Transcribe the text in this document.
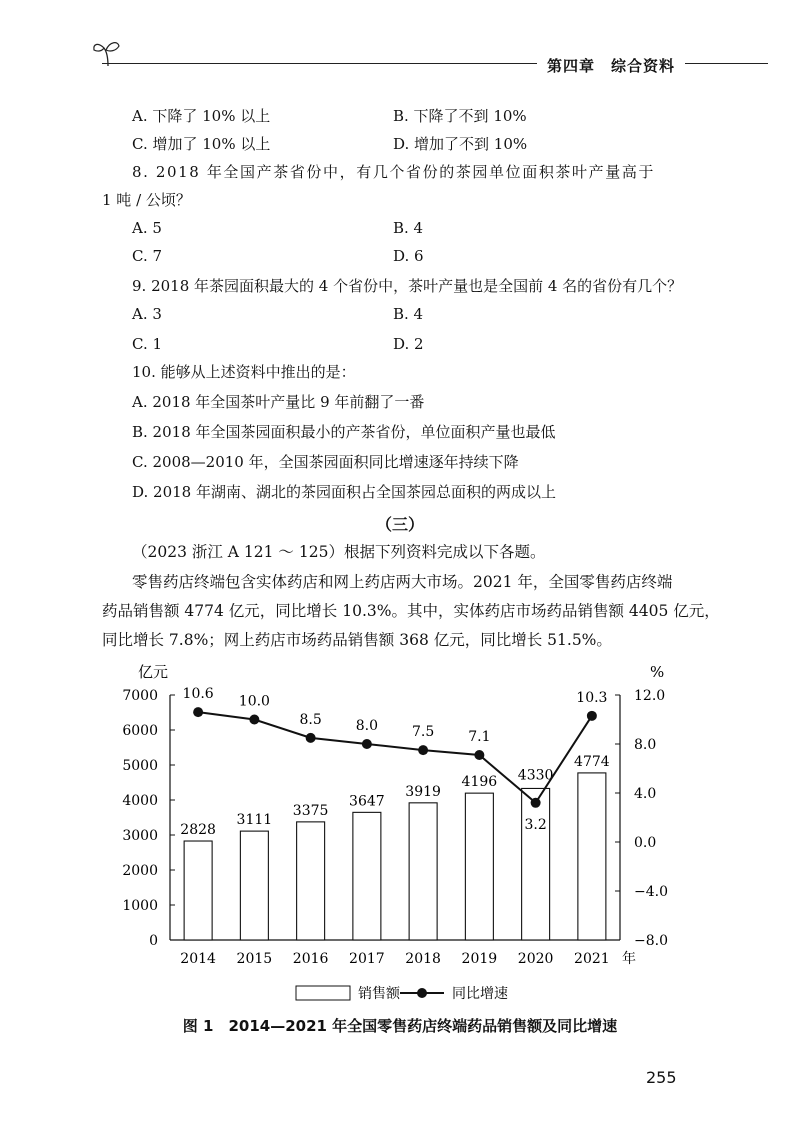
第四章　综合资料
A. 下降了 10% 以上	B. 下降了不到 10%
C. 增加了 10% 以上	D. 增加了不到 10%
8. 2018 年全国产茶省份中，有几个省份的茶园单位面积茶叶产量高于
1 吨 / 公顷？
A. 5	B. 4
C. 7	D. 6
9. 2018 年茶园面积最大的 4 个省份中，茶叶产量也是全国前 4 名的省份有几个？
A. 3	B. 4
C. 1	D. 2
10. 能够从上述资料中推出的是：
A. 2018 年全国茶叶产量比 9 年前翻了一番
B. 2018 年全国茶园面积最小的产茶省份，单位面积产量也最低
C. 2008—2010 年，全国茶园面积同比增速逐年持续下降
D. 2018 年湖南、湖北的茶园面积占全国茶园总面积的两成以上
（三）
（2023 浙江 A 121 ～ 125）根据下列资料完成以下各题。
零售药店终端包含实体药店和网上药店两大市场。2021 年，全国零售药店终端
药品销售额 4774 亿元，同比增长 10.3%。其中，实体药店市场药品销售额 4405 亿元，
同比增长 7.8%；网上药店市场药品销售额 368 亿元，同比增长 51.5%。
0
1000
2000
3000
4000
5000
6000
7000
−8.0
−4.0
0.0
4.0
8.0
12.0
亿元	%
2828
3111
3375
3647
3919
4196 4330
4774
10.6 10.0
8.5 8.0 7.5 7.1
3.2
10.3
2014 2015 2016 2017 2018 2019 2020 2021 年
销售额	同比增速
图 1　2014—2021 年全国零售药店终端药品销售额及同比增速
255
